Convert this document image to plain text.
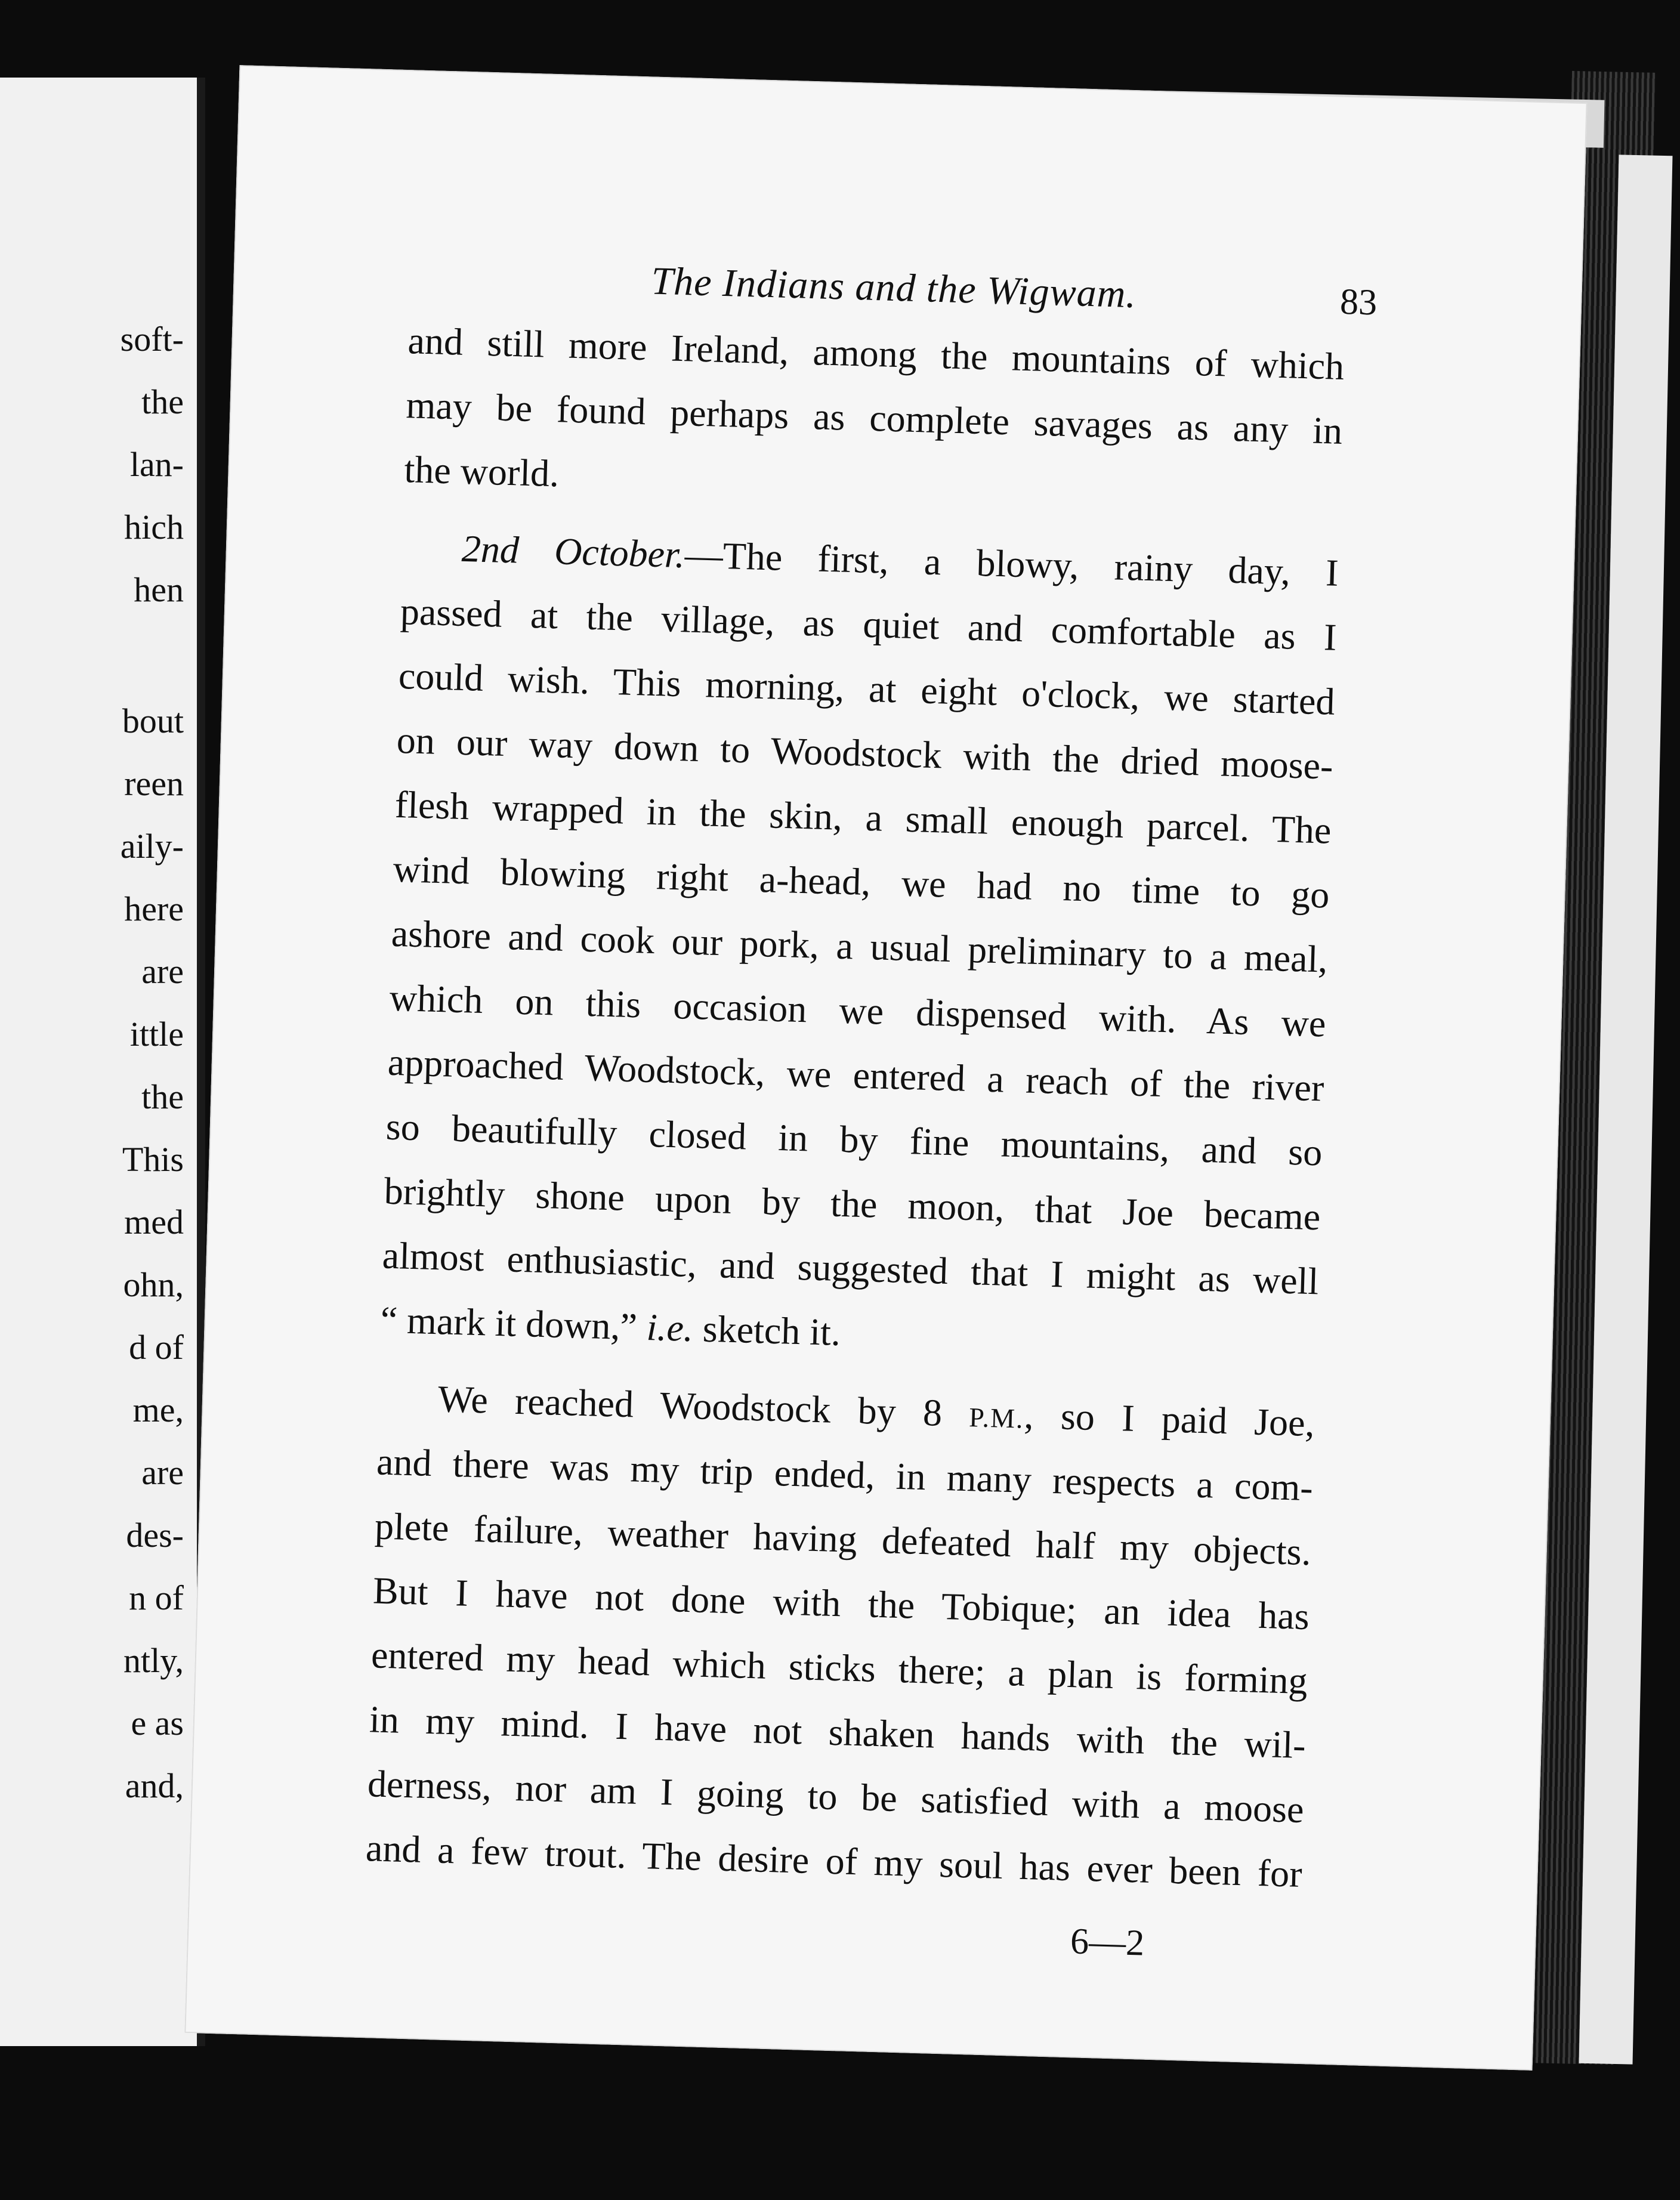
soft-
the
lan-
hich
hen
bout
reen
aily-
here
are
ittle
the
This
med
ohn,
d of
me,
are
des-
n of
ntly,
e as
and,
The Indians and the Wigwam.	83
and still more Ireland, among the mountains of which
may be found perhaps as complete savages as any in
the world.
2nd October.—The first, a blowy, rainy day, I
passed at the village, as quiet and comfortable as I
could wish. This morning, at eight o'clock, we started
on our way down to Woodstock with the dried moose-
flesh wrapped in the skin, a small enough parcel. The
wind blowing right a-head, we had no time to go
ashore and cook our pork, a usual preliminary to a meal,
which on this occasion we dispensed with. As we
approached Woodstock, we entered a reach of the river
so beautifully closed in by fine mountains, and so
brightly shone upon by the moon, that Joe became
almost enthusiastic, and suggested that I might as well
“ mark it down,” i.e. sketch it.
We reached Woodstock by 8 P.M., so I paid Joe,
and there was my trip ended, in many respects a com-
plete failure, weather having defeated half my objects.
But I have not done with the Tobique; an idea has
entered my head which sticks there; a plan is forming
in my mind. I have not shaken hands with the wil-
derness, nor am I going to be satisfied with a moose
and a few trout. The desire of my soul has ever been for
6—2
